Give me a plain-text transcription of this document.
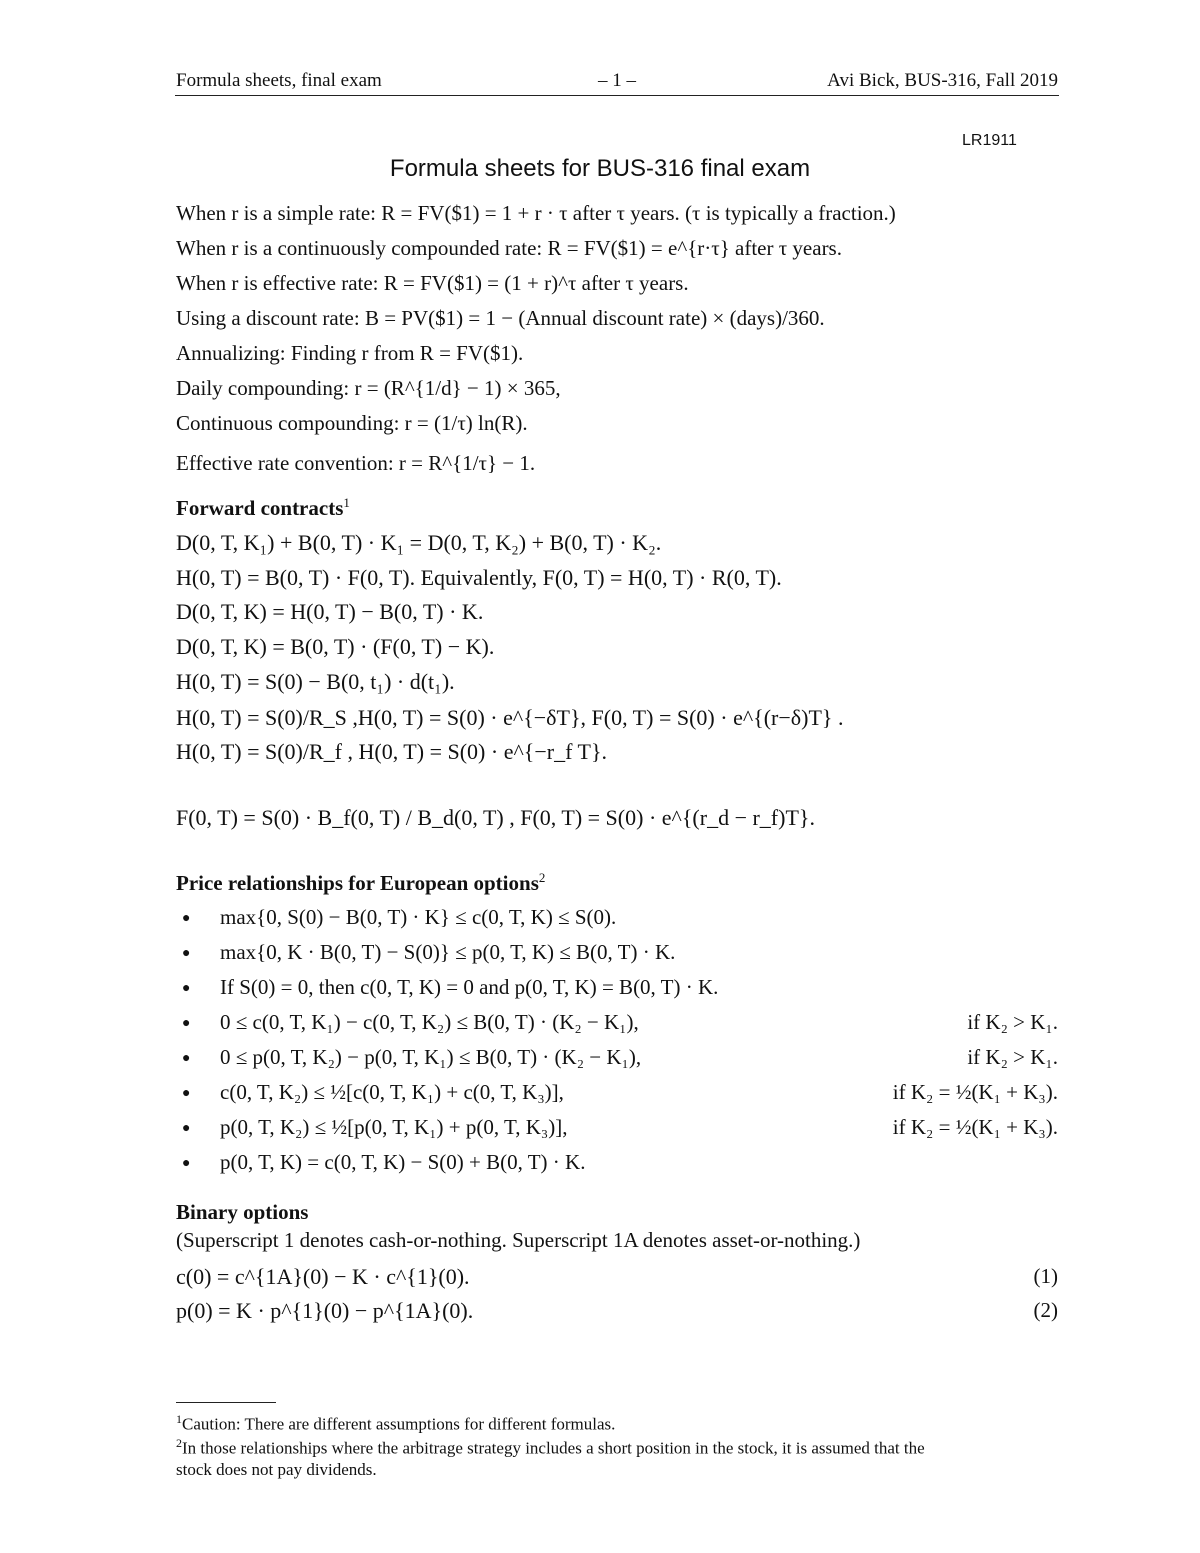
Formula sheets, final exam	– 1 –	Avi Bick, BUS-316, Fall 2019
LR1911
Formula sheets for BUS-316 final exam
When r is a simple rate: R = FV($1) = 1 + r · τ after τ years. (τ is typically a fraction.)
When r is a continuously compounded rate: R = FV($1) = e^{r·τ} after τ years.
When r is effective rate: R = FV($1) = (1 + r)^τ after τ years.
Using a discount rate: B = PV($1) = 1 − (Annual discount rate) × (days)/360.
Annualizing: Finding r from R = FV($1).
Daily compounding: r = (R^{1/d} − 1) × 365,
Continuous compounding: r = (1/τ) ln(R).
Effective rate convention: r = R^{1/τ} − 1.
Forward contracts$^1$
D(0, T, K₁) + B(0, T) · K₁ = D(0, T, K₂) + B(0, T) · K₂.
H(0, T) = B(0, T) · F(0, T). Equivalently, F(0, T) = H(0, T) · R(0, T).
D(0, T, K) = H(0, T) − B(0, T) · K.
D(0, T, K) = B(0, T) · (F(0, T) − K).
H(0, T) = S(0) − B(0, t₁) · d(t₁).
H(0, T) = S(0)/R_S ,H(0, T) = S(0) · e^{−δT}, F(0, T) = S(0) · e^{(r−δ)T} .
H(0, T) = S(0)/R_f , H(0, T) = S(0) · e^{−r_f T}.
F(0, T) = S(0) · B_f(0, T) / B_d(0, T) , F(0, T) = S(0) · e^{(r_d − r_f)T}.
Price relationships for European options$^2$
● max{0, S(0) − B(0, T) · K} ≤ c(0, T, K) ≤ S(0).
● max{0, K · B(0, T) − S(0)} ≤ p(0, T, K) ≤ B(0, T) · K.
● If S(0) = 0, then c(0, T, K) = 0 and p(0, T, K) = B(0, T) · K.
● 0 ≤ c(0, T, K₁) − c(0, T, K₂) ≤ B(0, T) · (K₂ − K₁),	if K₂ > K₁.
● 0 ≤ p(0, T, K₂) − p(0, T, K₁) ≤ B(0, T) · (K₂ − K₁),	if K₂ > K₁.
● c(0, T, K₂) ≤ ½[c(0, T, K₁) + c(0, T, K₃)],	if K₂ = ½(K₁ + K₃).
● p(0, T, K₂) ≤ ½[p(0, T, K₁) + p(0, T, K₃)],	if K₂ = ½(K₁ + K₃).
● p(0, T, K) = c(0, T, K) − S(0) + B(0, T) · K.
Binary options
(Superscript 1 denotes cash-or-nothing. Superscript 1A denotes asset-or-nothing.)
c(0) = c^{1A}(0) − K · c^{1}(0).	(1)
p(0) = K · p^{1}(0) − p^{1A}(0).	(2)
$^1$Caution: There are different assumptions for different formulas.
$^2$In those relationships where the arbitrage strategy includes a short position in the stock, it is assumed that the
stock does not pay dividends.
